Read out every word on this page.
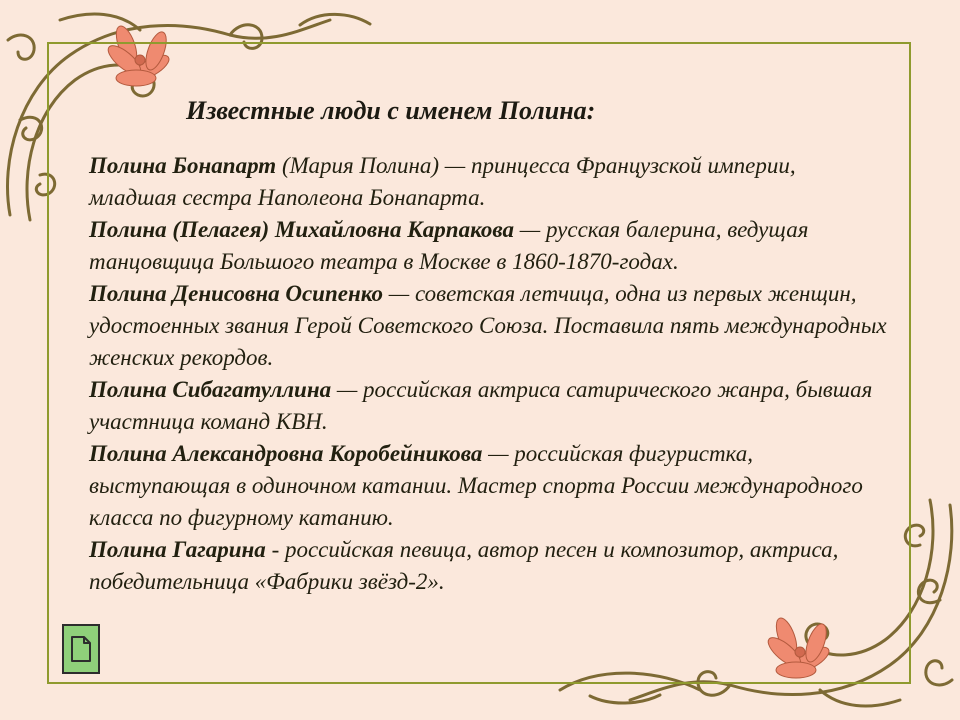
Известные люди с именем Полина:

Полина Бонапарт (Мария Полина) — принцесса Французской империи, младшая сестра Наполеона Бонапарта.

Полина (Пелагея) Михайловна Карпакова — русская балерина, ведущая танцовщица Большого театра в Москве в 1860-1870-годах.

Полина Денисовна Осипенко — советская летчица, одна из первых женщин, удостоенных звания Герой Советского Союза. Поставила пять международных женских рекордов.

Полина Сибагатуллина — российская актриса сатирического жанра, бывшая участница команд КВН.

Полина Александровна Коробейникова — российская фигуристка, выступающая в одиночном катании. Мастер спорта России международного класса по фигурному катанию.

Полина Гагарина - российская певица, автор песен и композитор, актриса, победительница «Фабрики звёзд-2».
